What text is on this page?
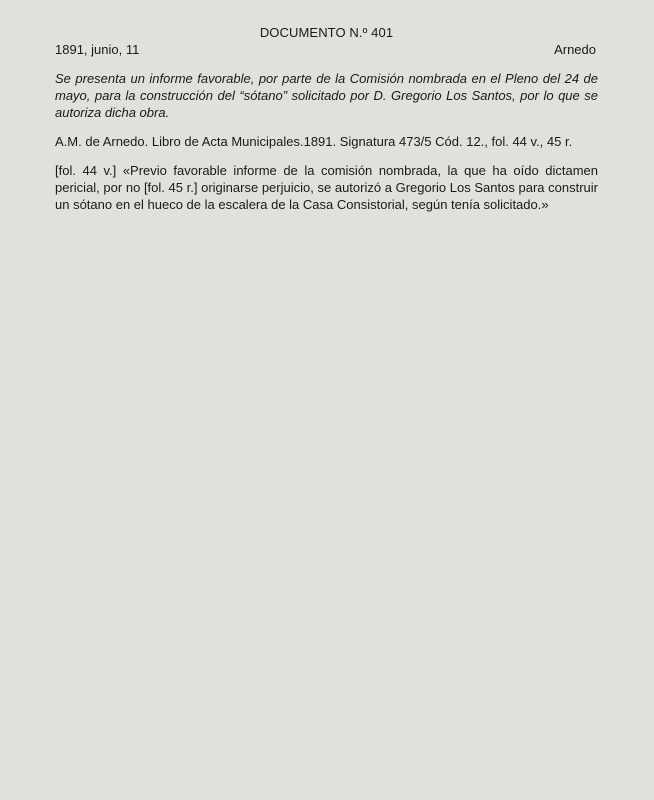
DOCUMENTO N.º 401
1891, junio, 11	Arnedo

Se presenta un informe favorable, por parte de la Comisión nombrada en el Pleno del 24 de mayo, para la construcción del “sótano” solicitado por D. Gregorio Los Santos, por lo que se autoriza dicha obra.

A.M. de Arnedo. Libro de Acta Municipales.1891. Signatura 473/5 Cód. 12., fol. 44 v., 45 r.

[fol. 44 v.] «Previo favorable informe de la comisión nombrada, la que ha oído dictamen pericial, por no [fol. 45 r.] originarse perjuicio, se autorizó a Gregorio Los Santos para construir un sótano en el hueco de la escalera de la Casa Consistorial, según tenía solicitado.»
